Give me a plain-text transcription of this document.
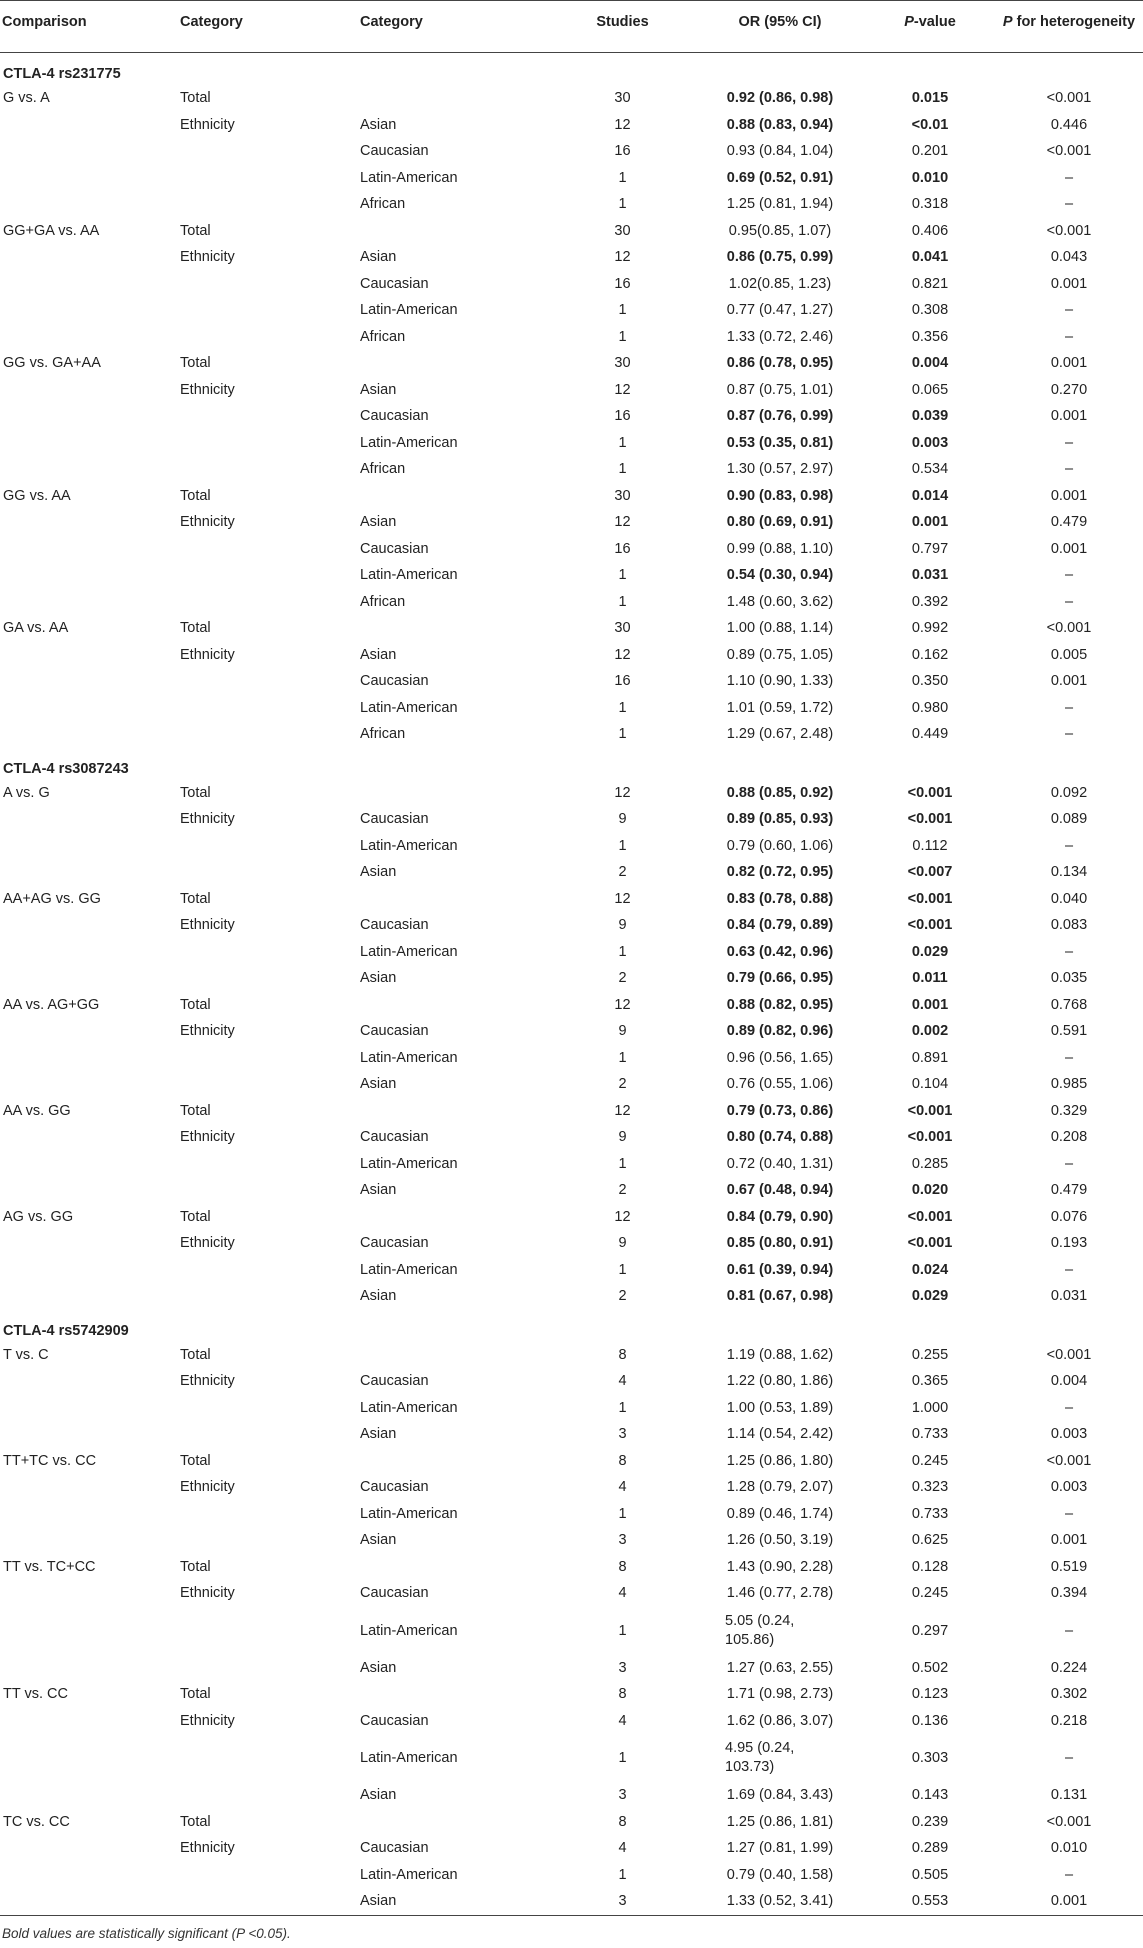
Comparison	Category	Category	Studies	OR (95% CI)	P-value	P for heterogeneity
CTLA-4 rs231775						
G vs. A	Total		30	0.92 (0.86, 0.98)	0.015	<0.001
	Ethnicity	Asian	12	0.88 (0.83, 0.94)	<0.01	0.446
		Caucasian	16	0.93 (0.84, 1.04)	0.201	<0.001
		Latin-American	1	0.69 (0.52, 0.91)	0.010	–
		African	1	1.25 (0.81, 1.94)	0.318	–
GG+GA vs. AA	Total		30	0.95(0.85, 1.07)	0.406	<0.001
	Ethnicity	Asian	12	0.86 (0.75, 0.99)	0.041	0.043
		Caucasian	16	1.02(0.85, 1.23)	0.821	0.001
		Latin-American	1	0.77 (0.47, 1.27)	0.308	–
		African	1	1.33 (0.72, 2.46)	0.356	–
GG vs. GA+AA	Total		30	0.86 (0.78, 0.95)	0.004	0.001
	Ethnicity	Asian	12	0.87 (0.75, 1.01)	0.065	0.270
		Caucasian	16	0.87 (0.76, 0.99)	0.039	0.001
		Latin-American	1	0.53 (0.35, 0.81)	0.003	–
		African	1	1.30 (0.57, 2.97)	0.534	–
GG vs. AA	Total		30	0.90 (0.83, 0.98)	0.014	0.001
	Ethnicity	Asian	12	0.80 (0.69, 0.91)	0.001	0.479
		Caucasian	16	0.99 (0.88, 1.10)	0.797	0.001
		Latin-American	1	0.54 (0.30, 0.94)	0.031	–
		African	1	1.48 (0.60, 3.62)	0.392	–
GA vs. AA	Total		30	1.00 (0.88, 1.14)	0.992	<0.001
	Ethnicity	Asian	12	0.89 (0.75, 1.05)	0.162	0.005
		Caucasian	16	1.10 (0.90, 1.33)	0.350	0.001
		Latin-American	1	1.01 (0.59, 1.72)	0.980	–
		African	1	1.29 (0.67, 2.48)	0.449	–
CTLA-4 rs3087243						
A vs. G	Total		12	0.88 (0.85, 0.92)	<0.001	0.092
	Ethnicity	Caucasian	9	0.89 (0.85, 0.93)	<0.001	0.089
		Latin-American	1	0.79 (0.60, 1.06)	0.112	–
		Asian	2	0.82 (0.72, 0.95)	<0.007	0.134
AA+AG vs. GG	Total		12	0.83 (0.78, 0.88)	<0.001	0.040
	Ethnicity	Caucasian	9	0.84 (0.79, 0.89)	<0.001	0.083
		Latin-American	1	0.63 (0.42, 0.96)	0.029	–
		Asian	2	0.79 (0.66, 0.95)	0.011	0.035
AA vs. AG+GG	Total		12	0.88 (0.82, 0.95)	0.001	0.768
	Ethnicity	Caucasian	9	0.89 (0.82, 0.96)	0.002	0.591
		Latin-American	1	0.96 (0.56, 1.65)	0.891	–
		Asian	2	0.76 (0.55, 1.06)	0.104	0.985
AA vs. GG	Total		12	0.79 (0.73, 0.86)	<0.001	0.329
	Ethnicity	Caucasian	9	0.80 (0.74, 0.88)	<0.001	0.208
		Latin-American	1	0.72 (0.40, 1.31)	0.285	–
		Asian	2	0.67 (0.48, 0.94)	0.020	0.479
AG vs. GG	Total		12	0.84 (0.79, 0.90)	<0.001	0.076
	Ethnicity	Caucasian	9	0.85 (0.80, 0.91)	<0.001	0.193
		Latin-American	1	0.61 (0.39, 0.94)	0.024	–
		Asian	2	0.81 (0.67, 0.98)	0.029	0.031
CTLA-4 rs5742909						
T vs. C	Total		8	1.19 (0.88, 1.62)	0.255	<0.001
	Ethnicity	Caucasian	4	1.22 (0.80, 1.86)	0.365	0.004
		Latin-American	1	1.00 (0.53, 1.89)	1.000	–
		Asian	3	1.14 (0.54, 2.42)	0.733	0.003
TT+TC vs. CC	Total		8	1.25 (0.86, 1.80)	0.245	<0.001
	Ethnicity	Caucasian	4	1.28 (0.79, 2.07)	0.323	0.003
		Latin-American	1	0.89 (0.46, 1.74)	0.733	–
		Asian	3	1.26 (0.50, 3.19)	0.625	0.001
TT vs. TC+CC	Total		8	1.43 (0.90, 2.28)	0.128	0.519
	Ethnicity	Caucasian	4	1.46 (0.77, 2.78)	0.245	0.394
		Latin-American	1	5.05 (0.24, 105.86)	0.297	–
		Asian	3	1.27 (0.63, 2.55)	0.502	0.224
TT vs. CC	Total		8	1.71 (0.98, 2.73)	0.123	0.302
	Ethnicity	Caucasian	4	1.62 (0.86, 3.07)	0.136	0.218
		Latin-American	1	4.95 (0.24, 103.73)	0.303	–
		Asian	3	1.69 (0.84, 3.43)	0.143	0.131
TC vs. CC	Total		8	1.25 (0.86, 1.81)	0.239	<0.001
	Ethnicity	Caucasian	4	1.27 (0.81, 1.99)	0.289	0.010
		Latin-American	1	0.79 (0.40, 1.58)	0.505	–
		Asian	3	1.33 (0.52, 3.41)	0.553	0.001
Bold values are statistically significant (P <0.05).
